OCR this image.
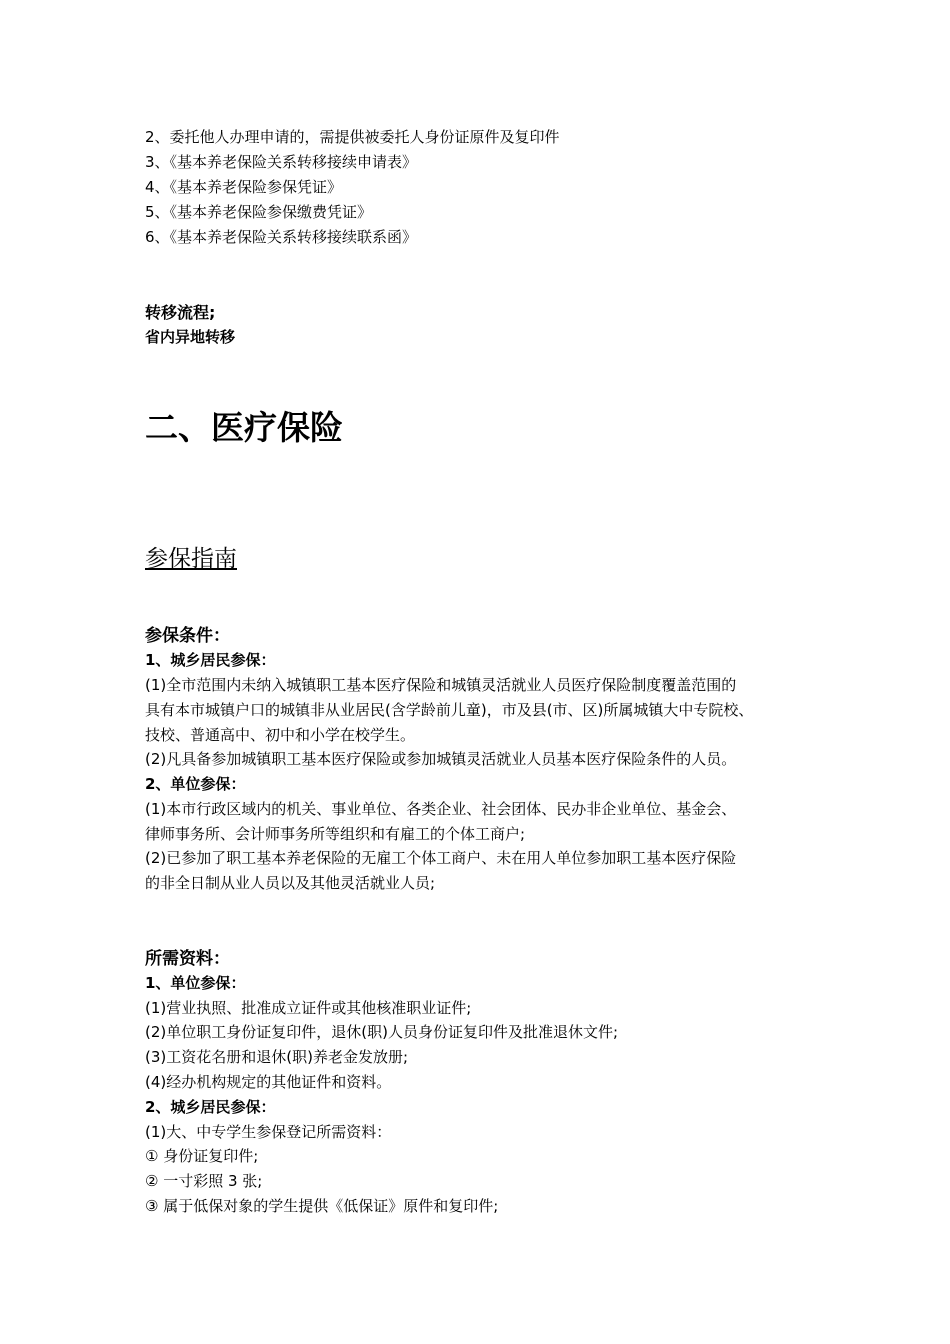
2、委托他人办理申请的，需提供被委托人身份证原件及复印件
3、《基本养老保险关系转移接续申请表》
4、《基本养老保险参保凭证》
5、《基本养老保险参保缴费凭证》
6、《基本养老保险关系转移接续联系函》
转移流程;
省内异地转移
二、医疗保险
参保指南
参保条件：
1、城乡居民参保：
(1)全市范围内未纳入城镇职工基本医疗保险和城镇灵活就业人员医疗保险制度覆盖范围的
具有本市城镇户口的城镇非从业居民(含学龄前儿童)，市及县(市、区)所属城镇大中专院校、
技校、普通高中、初中和小学在校学生。
(2)凡具备参加城镇职工基本医疗保险或参加城镇灵活就业人员基本医疗保险条件的人员。
2、单位参保：
(1)本市行政区域内的机关、事业单位、各类企业、社会团体、民办非企业单位、基金会、
律师事务所、会计师事务所等组织和有雇工的个体工商户;
(2)已参加了职工基本养老保险的无雇工个体工商户、未在用人单位参加职工基本医疗保险
的非全日制从业人员以及其他灵活就业人员;
所需资料：
1、单位参保：
(1)营业执照、批准成立证件或其他核准职业证件;
(2)单位职工身份证复印件，退休(职)人员身份证复印件及批准退休文件;
(3)工资花名册和退休(职)养老金发放册;
(4)经办机构规定的其他证件和资料。
2、城乡居民参保：
(1)大、中专学生参保登记所需资料：
① 身份证复印件;
② 一寸彩照 3 张;
③ 属于低保对象的学生提供《低保证》原件和复印件;
